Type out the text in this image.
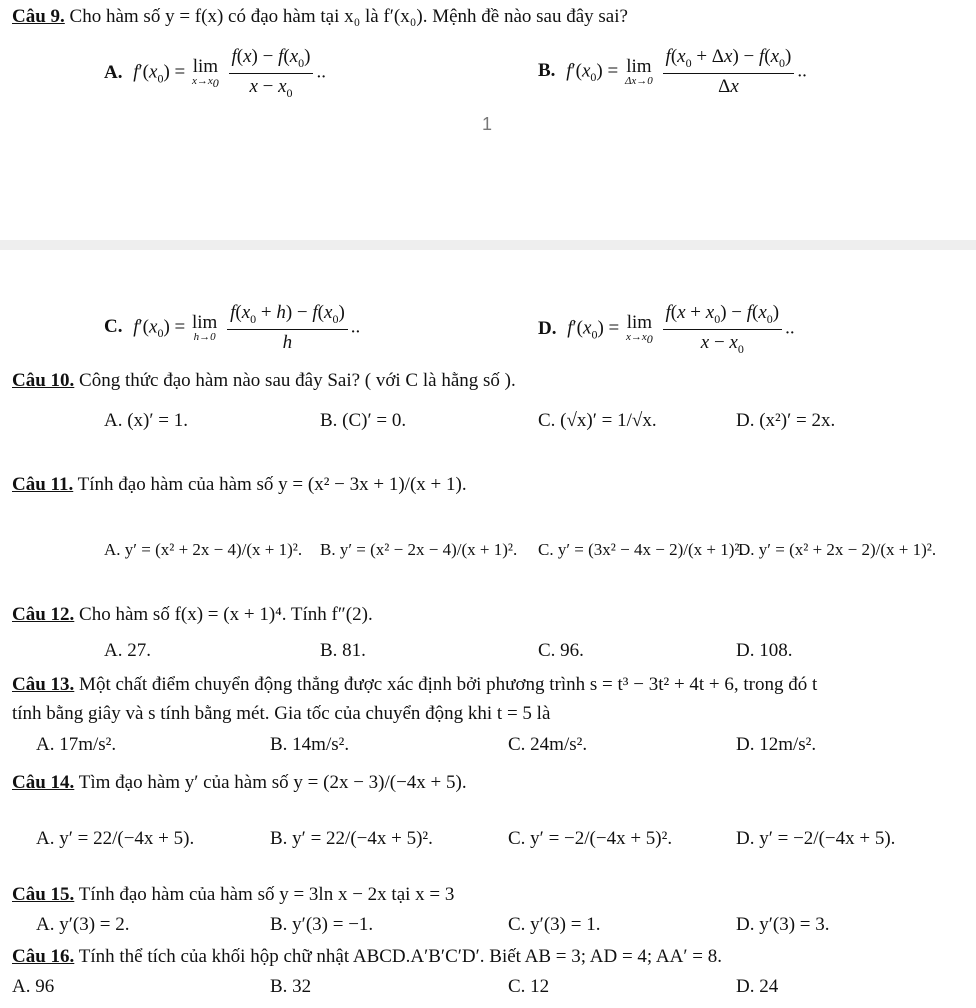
Câu 9. Cho hàm số y = f(x) có đạo hàm tại x₀ là f′(x₀). Mệnh đề nào sau đây sai?
A. $f'(x_0) = \lim$
$x\to x_0$
$\frac{f(x) - f(x_0)}{x - x_0}$ ..	B. $f'(x_0) = \lim$
Δx→0
$\frac{f(x_0 + \Delta x) - f(x_0)}{\Delta x}$ ..
1
C. $f'(x_0) = \lim$
h→0
$\frac{f(x_0 + h) - f(x_0)}{h}$ ..	D. $f'(x_0) = \lim$
$x\to x_0$
$\frac{f(x + x_0) - f(x_0)}{x - x_0}$ ..
Câu 10. Công thức đạo hàm nào sau đây Sai? ( với C là hằng số ).
A. (x)′ = 1.	B. (C)′ = 0.	C. (√x)′ = 1/√x.	D. (x²)′ = 2x.
Câu 11. Tính đạo hàm của hàm số y = (x² − 3x + 1)/(x + 1).
A. y′ = (x² + 2x − 4)/(x + 1)². B. y′ = (x² − 2x − 4)/(x + 1)². C. y′ = (3x² − 4x − 2)/(x + 1)².
D. y′ = (x² + 2x − 2)/(x + 1)².
Câu 12. Cho hàm số f(x) = (x + 1)⁴. Tính f″(2).
A. 27.	B. 81.	C. 96.	D. 108.
Câu 13. Một chất điểm chuyển động thẳng được xác định bởi phương trình s = t³ − 3t² + 4t + 6, trong đó t
tính bằng giây và s tính bằng mét. Gia tốc của chuyển động khi t = 5 là
A. 17m/s².	B. 14m/s².	C. 24m/s².	D. 12m/s².
Câu 14. Tìm đạo hàm y′ của hàm số y = (2x − 3)/(−4x + 5).
A. y′ = 22/(−4x + 5).	B. y′ = 22/(−4x + 5)².	C. y′ = −2/(−4x + 5)².	D. y′ = −2/(−4x + 5).
Câu 15. Tính đạo hàm của hàm số y = 3ln x − 2x tại x = 3
A. y′(3) = 2.	B. y′(3) = −1.	C. y′(3) = 1.	D. y′(3) = 3.
Câu 16. Tính thể tích của khối hộp chữ nhật ABCD.A′B′C′D′. Biết AB = 3; AD = 4; AA′ = 8.
A. 96	B. 32	C. 12	D. 24
